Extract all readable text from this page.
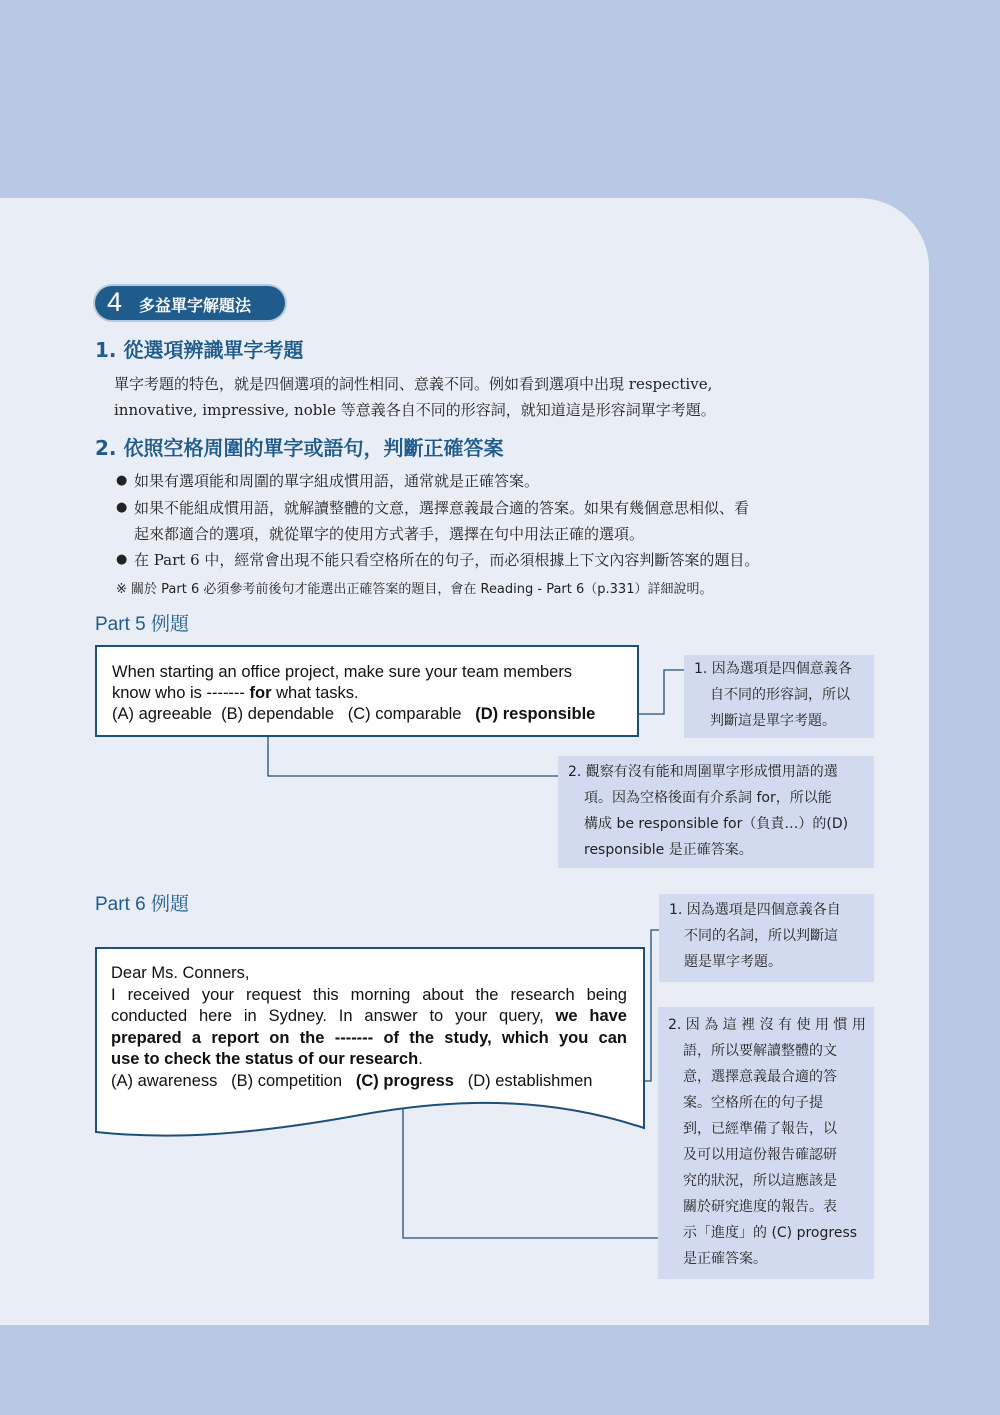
4 多益單字解題法
1. 從選項辨識單字考題
單字考題的特色，就是四個選項的詞性相同、意義不同。例如看到選項中出現 respective,
innovative, impressive, noble 等意義各自不同的形容詞，就知道這是形容詞單字考題。
2. 依照空格周圍的單字或語句，判斷正確答案
● 如果有選項能和周圍的單字組成慣用語，通常就是正確答案。
● 如果不能組成慣用語，就解讀整體的文意，選擇意義最合適的答案。如果有幾個意思相似、看
起來都適合的選項，就從單字的使用方式著手，選擇在句中用法正確的選項。
● 在 Part 6 中，經常會出現不能只看空格所在的句子，而必須根據上下文內容判斷答案的題目。
※ 關於 Part 6 必須參考前後句才能選出正確答案的題目，會在 Reading - Part 6（p.331）詳細說明。
Part 5 例題
When starting an office project, make sure your team members
know who is ------- for what tasks.
(A) agreeable (B) dependable (C) comparable (D) responsible
1. 因為選項是四個意義各
自不同的形容詞，所以
判斷這是單字考題。
2. 觀察有沒有能和周圍單字形成慣用語的選
項。因為空格後面有介系詞 for，所以能
構成 be responsible for（負責…）的(D)
responsible 是正確答案。
Part 6 例題
Dear Ms. Conners,
I received your request this morning about the research being
conducted here in Sydney. In answer to your query, we have
prepared a report on the ------- of the study, which you can
use to check the status of our research.
(A) awareness (B) competition (C) progress (D) establishmen
1. 因為選項是四個意義各自
不同的名詞，所以判斷這
題是單字考題。
2. 因 為 這 裡 沒 有 使 用 慣 用
語，所以要解讀整體的文
意，選擇意義最合適的答
案。空格所在的句子提
到，已經準備了報告，以
及可以用這份報告確認研
究的狀況，所以這應該是
關於研究進度的報告。表
示「進度」的 (C) progress
是正確答案。
